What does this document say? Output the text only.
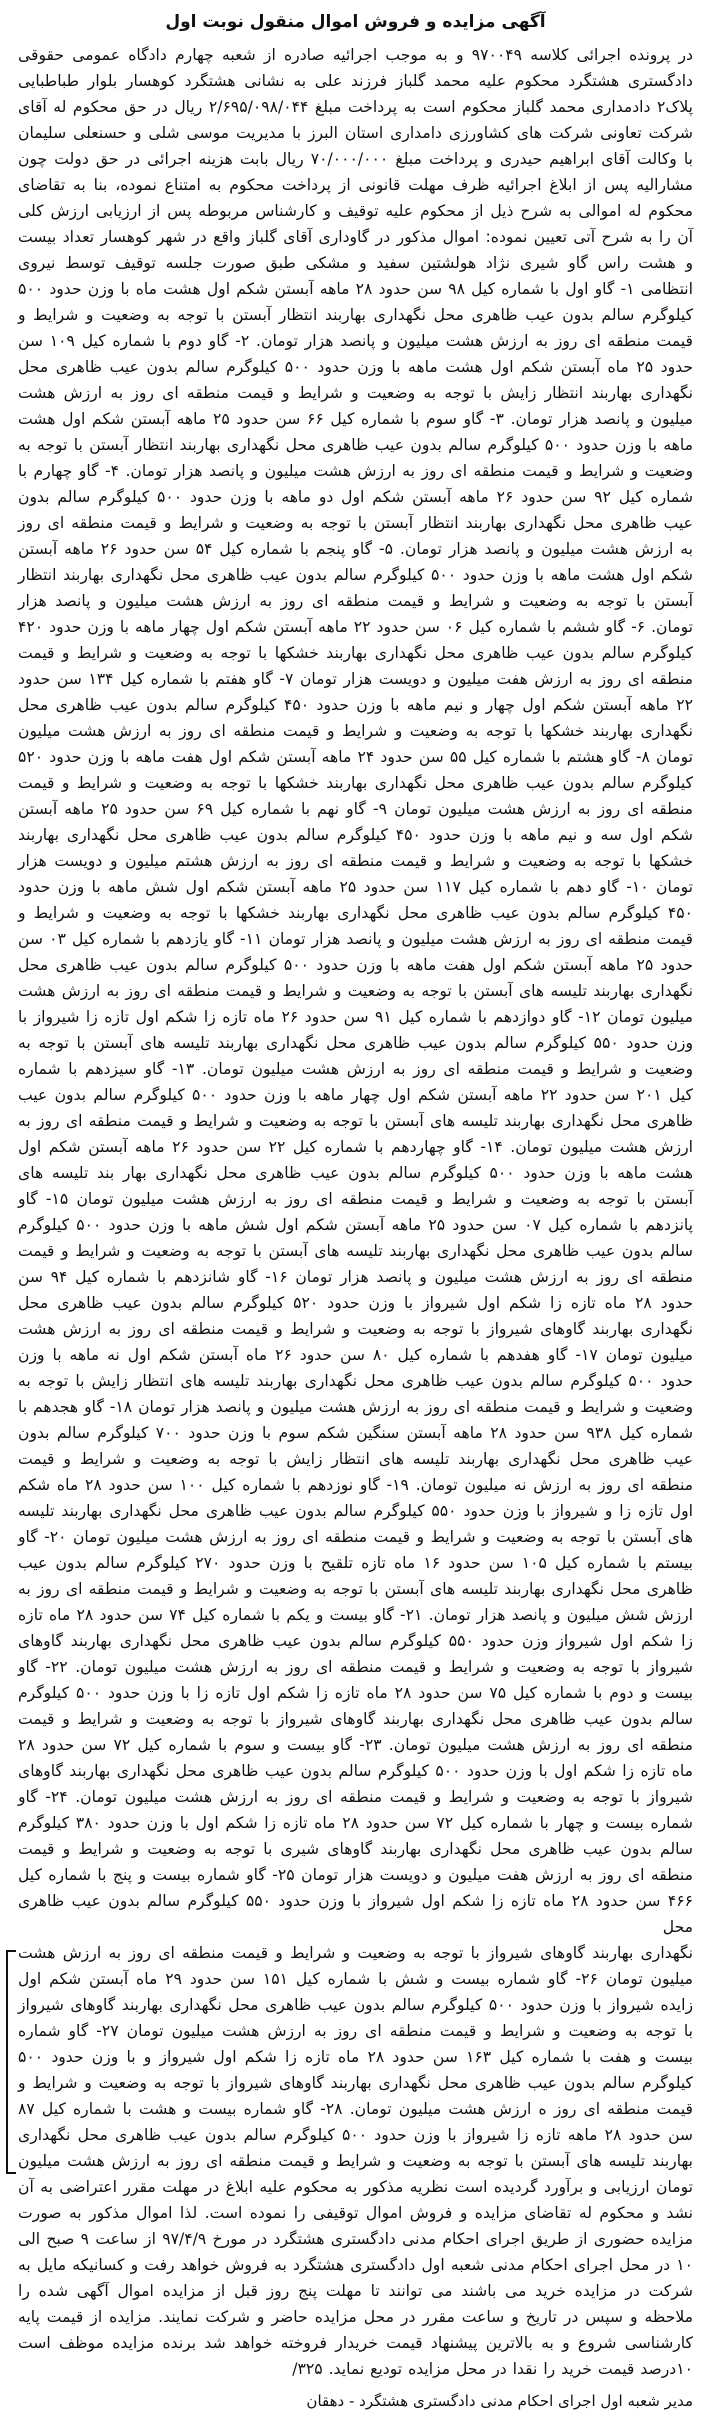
آگهی مزایده و فروش اموال منقول نوبت اول

در پرونده اجرائی کلاسه ۹۷۰۰۴۹ و به موجب اجرائیه صادره از شعبه چهارم دادگاه عمومی حقوقی دادگستری هشتگرد محکوم علیه محمد گلباز فرزند علی به نشانی هشتگرد کوهسار بلوار طباطبایی پلاک۲ دادمداری محمد گلباز محکوم است به پرداخت مبلغ ۲/۶۹۵/۰۹۸/۰۴۴ ریال در حق محکوم له آقای شرکت تعاونی شرکت های کشاورزی دامداری استان البرز با مدیریت موسی شلی و حسنعلی سلیمان با وکالت آقای ابراهیم حیدری و پرداخت مبلغ ۷۰/۰۰۰/۰۰۰ ریال بابت هزینه اجرائی در حق دولت چون مشارالیه پس از ابلاغ اجرائیه ظرف مهلت قانونی از پرداخت محکوم به امتناع نموده، بنا به تقاضای محکوم له اموالی به شرح ذیل از محکوم علیه توقیف و کارشناس مربوطه پس از ارزیابی ارزش کلی آن را به شرح آتی تعیین نموده: اموال مذکور در گاوداری آقای گلباز واقع در شهر کوهسار تعداد بیست و هشت راس گاو شیری نژاد هولشتین سفید و مشکی طبق صورت جلسه توقیف توسط نیروی انتظامی ۱- گاو اول با شماره کیل ۹۸ سن حدود ۲۸ ماهه آبستن شکم اول هشت ماه با وزن حدود ۵۰۰ کیلوگرم سالم بدون عیب ظاهری محل نگهداری بهاربند انتظار آبستن با توجه به وضعیت و شرایط و قیمت منطقه ای روز به ارزش هشت میلیون و پانصد هزار تومان. ۲- گاو دوم با شماره کیل ۱۰۹ سن حدود ۲۵ ماه آبستن شکم اول هشت ماهه با وزن حدود ۵۰۰ کیلوگرم سالم بدون عیب ظاهری محل نگهداری بهاربند انتظار زایش با توجه به وضعیت و شرایط و قیمت منطقه ای روز به ارزش هشت میلیون و پانصد هزار تومان. ۳- گاو سوم با شماره کیل ۶۶ سن حدود ۲۵ ماهه آبستن شکم اول هشت ماهه با وزن حدود ۵۰۰ کیلوگرم سالم بدون عیب ظاهری محل نگهداری بهاربند انتظار آبستن با توجه به وضعیت و شرایط و قیمت منطقه ای روز به ارزش هشت میلیون و پانصد هزار تومان. ۴- گاو چهارم با شماره کیل ۹۲ سن حدود ۲۶ ماهه آبستن شکم اول دو ماهه با وزن حدود ۵۰۰ کیلوگرم سالم بدون عیب ظاهری محل نگهداری بهاربند انتظار آبستن با توجه به وضعیت و شرایط و قیمت منطقه ای روز به ارزش هشت میلیون و پانصد هزار تومان. ۵- گاو پنجم با شماره کیل ۵۴ سن حدود ۲۶ ماهه آبستن شکم اول هشت ماهه با وزن حدود ۵۰۰ کیلوگرم سالم بدون عیب ظاهری محل نگهداری بهاربند انتظار آبستن با توجه به وضعیت و شرایط و قیمت منطقه ای روز به ارزش هشت میلیون و پانصد هزار تومان. ۶- گاو ششم با شماره کیل ۰۶ سن حدود ۲۲ ماهه آبستن شکم اول چهار ماهه با وزن حدود ۴۲۰ کیلوگرم سالم بدون عیب ظاهری محل نگهداری بهاربند خشکها با توجه به وضعیت و شرایط و قیمت منطقه ای روز به ارزش هفت میلیون و دویست هزار تومان ۷- گاو هفتم با شماره کیل ۱۳۴ سن حدود ۲۲ ماهه آبستن شکم اول چهار و نیم ماهه با وزن حدود ۴۵۰ کیلوگرم سالم بدون عیب ظاهری محل نگهداری بهاربند خشکها با توجه به وضعیت و شرایط و قیمت منطقه ای روز به ارزش هشت میلیون تومان ۸- گاو هشتم با شماره کیل ۵۵ سن حدود ۲۴ ماهه آبستن شکم اول هفت ماهه با وزن حدود ۵۲۰ کیلوگرم سالم بدون عیب ظاهری محل نگهداری بهاربند خشکها با توجه به وضعیت و شرایط و قیمت منطقه ای روز به ارزش هشت میلیون تومان ۹- گاو نهم با شماره کیل ۶۹ سن حدود ۲۵ ماهه آبستن شکم اول سه و نیم ماهه با وزن حدود ۴۵۰ کیلوگرم سالم بدون عیب ظاهری محل نگهداری بهاربند خشکها با توجه به وضعیت و شرایط و قیمت منطقه ای روز به ارزش هشتم میلیون و دویست هزار تومان ۱۰- گاو دهم با شماره کیل ۱۱۷ سن حدود ۲۵ ماهه آبستن شکم اول شش ماهه با وزن حدود ۴۵۰ کیلوگرم سالم بدون عیب ظاهری محل نگهداری بهاربند خشکها با توجه به وضعیت و شرایط و قیمت منطقه ای روز به ارزش هشت میلیون و پانصد هزار تومان ۱۱- گاو یازدهم با شماره کیل ۰۳ سن حدود ۲۵ ماهه آبستن شکم اول هفت ماهه با وزن حدود ۵۰۰ کیلوگرم سالم بدون عیب ظاهری محل نگهداری بهاربند تلیسه های آبستن با توجه به وضعیت و شرایط و قیمت منطقه ای روز به ارزش هشت میلیون تومان ۱۲- گاو دوازدهم با شماره کیل ۹۱ سن حدود ۲۶ ماه تازه زا شکم اول تازه زا شیرواز با وزن حدود ۵۵۰ کیلوگرم سالم بدون عیب ظاهری محل نگهداری بهاربند تلیسه های آبستن با توجه به وضعیت و شرایط و قیمت منطقه ای روز به ارزش هشت میلیون تومان. ۱۳- گاو سیزدهم با شماره کیل ۲۰۱ سن حدود ۲۲ ماهه آبستن شکم اول چهار ماهه با وزن حدود ۵۰۰ کیلوگرم سالم بدون عیب ظاهری محل نگهداری بهاربند تلیسه های آبستن با توجه به وضعیت و شرایط و قیمت منطقه ای روز به ارزش هشت میلیون تومان. ۱۴- گاو چهاردهم با شماره کیل ۲۲ سن حدود ۲۶ ماهه آبستن شکم اول هشت ماهه با وزن حدود ۵۰۰ کیلوگرم سالم بدون عیب ظاهری محل نگهداری بهار بند تلیسه های آبستن با توجه به وضعیت و شرایط و قیمت منطقه ای روز به ارزش هشت میلیون تومان ۱۵- گاو پانزدهم با شماره کیل ۰۷ سن حدود ۲۵ ماهه آبستن شکم اول شش ماهه با وزن حدود ۵۰۰ کیلوگرم سالم بدون عیب ظاهری محل نگهداری بهاربند تلیسه های آبستن با توجه به وضعیت و شرایط و قیمت منطقه ای روز به ارزش هشت میلیون و پانصد هزار تومان ۱۶- گاو شانزدهم با شماره کیل ۹۴ سن حدود ۲۸ ماه تازه زا شکم اول شیرواز با وزن حدود ۵۲۰ کیلوگرم سالم بدون عیب ظاهری محل نگهداری بهاربند گاوهای شیرواز با توجه به وضعیت و شرایط و قیمت منطقه ای روز به ارزش هشت میلیون تومان ۱۷- گاو هفدهم با شماره کیل ۸۰ سن حدود ۲۶ ماه آبستن شکم اول نه ماهه با وزن حدود ۵۰۰ کیلوگرم سالم بدون عیب ظاهری محل نگهداری بهاربند تلیسه های انتظار زایش با توجه به وضعیت و شرایط و قیمت منطقه ای روز به ارزش هشت میلیون و پانصد هزار تومان ۱۸- گاو هجدهم با شماره کیل ۹۳۸ سن حدود ۲۸ ماهه آبستن سنگین شکم سوم با وزن حدود ۷۰۰ کیلوگرم سالم بدون عیب ظاهری محل نگهداری بهاربند تلیسه های انتظار زایش با توجه به وضعیت و شرایط و قیمت منطقه ای روز به ارزش نه میلیون تومان. ۱۹- گاو نوزدهم با شماره کیل ۱۰۰ سن حدود ۲۸ ماه شکم اول تازه زا و شیرواز با وزن حدود ۵۵۰ کیلوگرم سالم بدون عیب ظاهری محل نگهداری بهاربند تلیسه های آبستن با توجه به وضعیت و شرایط و قیمت منطقه ای روز به ارزش هشت میلیون تومان ۲۰- گاو بیستم با شماره کیل ۱۰۵ سن حدود ۱۶ ماه تازه تلقیح با وزن حدود ۲۷۰ کیلوگرم سالم بدون عیب ظاهری محل نگهداری بهاربند تلیسه های آبستن با توجه به وضعیت و شرایط و قیمت منطقه ای روز به ارزش شش میلیون و پانصد هزار تومان. ۲۱- گاو بیست و یکم با شماره کیل ۷۴ سن حدود ۲۸ ماه تازه زا شکم اول شیرواز وزن حدود ۵۵۰ کیلوگرم سالم بدون عیب ظاهری محل نگهداری بهاربند گاوهای شیرواز با توجه به وضعیت و شرایط و قیمت منطقه ای روز به ارزش هشت میلیون تومان. ۲۲- گاو بیست و دوم با شماره کیل ۷۵ سن حدود ۲۸ ماه تازه زا شکم اول تازه زا با وزن حدود ۵۰۰ کیلوگرم سالم بدون عیب ظاهری محل نگهداری بهاربند گاوهای شیرواز با توجه به وضعیت و شرایط و قیمت منطقه ای روز به ارزش هشت میلیون تومان. ۲۳- گاو بیست و سوم با شماره کیل ۷۲ سن حدود ۲۸ ماه تازه زا شکم اول با وزن حدود ۵۰۰ کیلوگرم سالم بدون عیب ظاهری محل نگهداری بهاربند گاوهای شیرواز با توجه به وضعیت و شرایط و قیمت منطقه ای روز به ارزش هشت میلیون تومان. ۲۴- گاو شماره بیست و چهار با شماره کیل ۷۲ سن حدود ۲۸ ماه تازه زا شکم اول با وزن حدود ۳۸۰ کیلوگرم سالم بدون عیب ظاهری محل نگهداری بهاربند گاوهای شیری با توجه به وضعیت و شرایط و قیمت منطقه ای روز به ارزش هفت میلیون و دویست هزار تومان ۲۵- گاو شماره بیست و پنج با شماره کیل ۴۶۶ سن حدود ۲۸ ماه تازه زا شکم اول شیرواز با وزن حدود ۵۵۰ کیلوگرم سالم بدون عیب ظاهری محل

نگهداری بهاربند گاوهای شیرواز با توجه به وضعیت و شرایط و قیمت منطقه ای روز به ارزش هشت میلیون تومان ۲۶- گاو شماره بیست و شش با شماره کیل ۱۵۱ سن حدود ۲۹ ماه آبستن شکم اول زایده شیرواز با وزن حدود ۵۰۰ کیلوگرم سالم بدون عیب ظاهری محل نگهداری بهاربند گاوهای شیرواز با توجه به وضعیت و شرایط و قیمت منطقه ای روز به ارزش هشت میلیون تومان ۲۷- گاو شماره بیست و هفت با شماره کیل ۱۶۳ سن حدود ۲۸ ماه تازه زا شکم اول شیرواز و با وزن حدود ۵۰۰ کیلوگرم سالم بدون عیب ظاهری محل نگهداری بهاربند گاوهای شیرواز با توجه به وضعیت و شرایط و قیمت منطقه ای روز ه ارزش هشت میلیون تومان. ۲۸- گاو شماره بیست و هشت با شماره کیل ۸۷ سن حدود ۲۸ ماهه تازه زا شیرواز با وزن حدود ۵۰۰ کیلوگرم سالم بدون عیب ظاهری محل نگهداری بهاربند تلیسه های آبستن با توجه به وضعیت و شرایط و قیمت منطقه ای روز به ارزش هشت میلیون تومان ارزیابی و برآورد گردیده است نظریه مذکور به محکوم علیه ابلاغ در مهلت مقرر اعتراضی به آن نشد و محکوم له تقاضای مزایده و فروش اموال توقیفی را نموده است. لذا اموال مذکور به صورت مزایده حضوری از طریق اجرای احکام مدنی دادگستری هشتگرد در مورخ ۹۷/۴/۹ از ساعت ۹ صبح الی ۱۰ در محل اجرای احکام مدنی شعبه اول دادگستری هشتگرد به فروش خواهد رفت و کسانیکه مایل به شرکت در مزایده خرید می باشند می توانند تا مهلت پنج روز قبل از مزایده اموال آگهی شده را ملاحظه و سپس در تاریخ و ساعت مقرر در محل مزایده حاضر و شرکت نمایند. مزایده از قیمت پایه کارشناسی شروع و به بالاترین پیشنهاد قیمت خریدار فروخته خواهد شد برنده مزایده موظف است ۱۰درصد قیمت خرید را نقدا در محل مزایده تودیع نماید. ۳۲۵/

مدیر شعبه اول اجرای احکام مدنی دادگستری هشتگرد - دهقان
